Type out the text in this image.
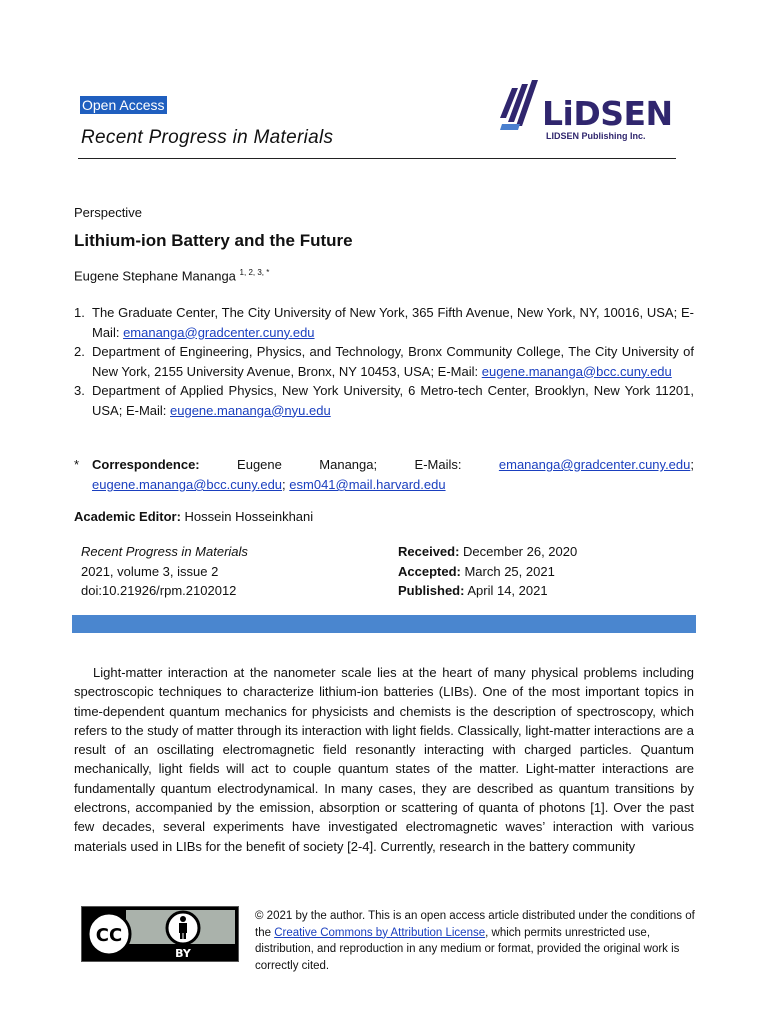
Open Access
Recent Progress in Materials
LiDSEN
LIDSEN Publishing Inc.
Perspective
Lithium-ion Battery and the Future
Eugene Stephane Mananga $^{1, 2, 3, *}$
1. The Graduate Center, The City University of New York, 365 Fifth Avenue, New York, NY, 10016, USA; E-Mail: emananga@gradcenter.cuny.edu
2. Department of Engineering, Physics, and Technology, Bronx Community College, The City University of New York, 2155 University Avenue, Bronx, NY 10453, USA; E-Mail: eugene.mananga@bcc.cuny.edu
3. Department of Applied Physics, New York University, 6 Metro-tech Center, Brooklyn, New York 11201, USA; E-Mail: eugene.mananga@nyu.edu
* Correspondence: Eugene Mananga; E-Mails: emananga@gradcenter.cuny.edu; eugene.mananga@bcc.cuny.edu; esm041@mail.harvard.edu
Academic Editor: Hossein Hosseinkhani
Recent Progress in Materials
2021, volume 3, issue 2
doi:10.21926/rpm.2102012
Received: December 26, 2020
Accepted: March 25, 2021
Published: April 14, 2021

Light-matter interaction at the nanometer scale lies at the heart of many physical problems including spectroscopic techniques to characterize lithium-ion batteries (LIBs). One of the most important topics in time-dependent quantum mechanics for physicists and chemists is the description of spectroscopy, which refers to the study of matter through its interaction with light fields. Classically, light-matter interactions are a result of an oscillating electromagnetic field resonantly interacting with charged particles. Quantum mechanically, light fields will act to couple quantum states of the matter. Light-matter interactions are fundamentally quantum electrodynamical. In many cases, they are described as quantum transitions by electrons, accompanied by the emission, absorption or scattering of quanta of photons [1]. Over the past few decades, several experiments have investigated electromagnetic waves’ interaction with various materials used in LIBs for the benefit of society [2-4]. Currently, research in the battery community

CC
BY
© 2021 by the author. This is an open access article distributed under the conditions of the Creative Commons by Attribution License, which permits unrestricted use, distribution, and reproduction in any medium or format, provided the original work is correctly cited.
